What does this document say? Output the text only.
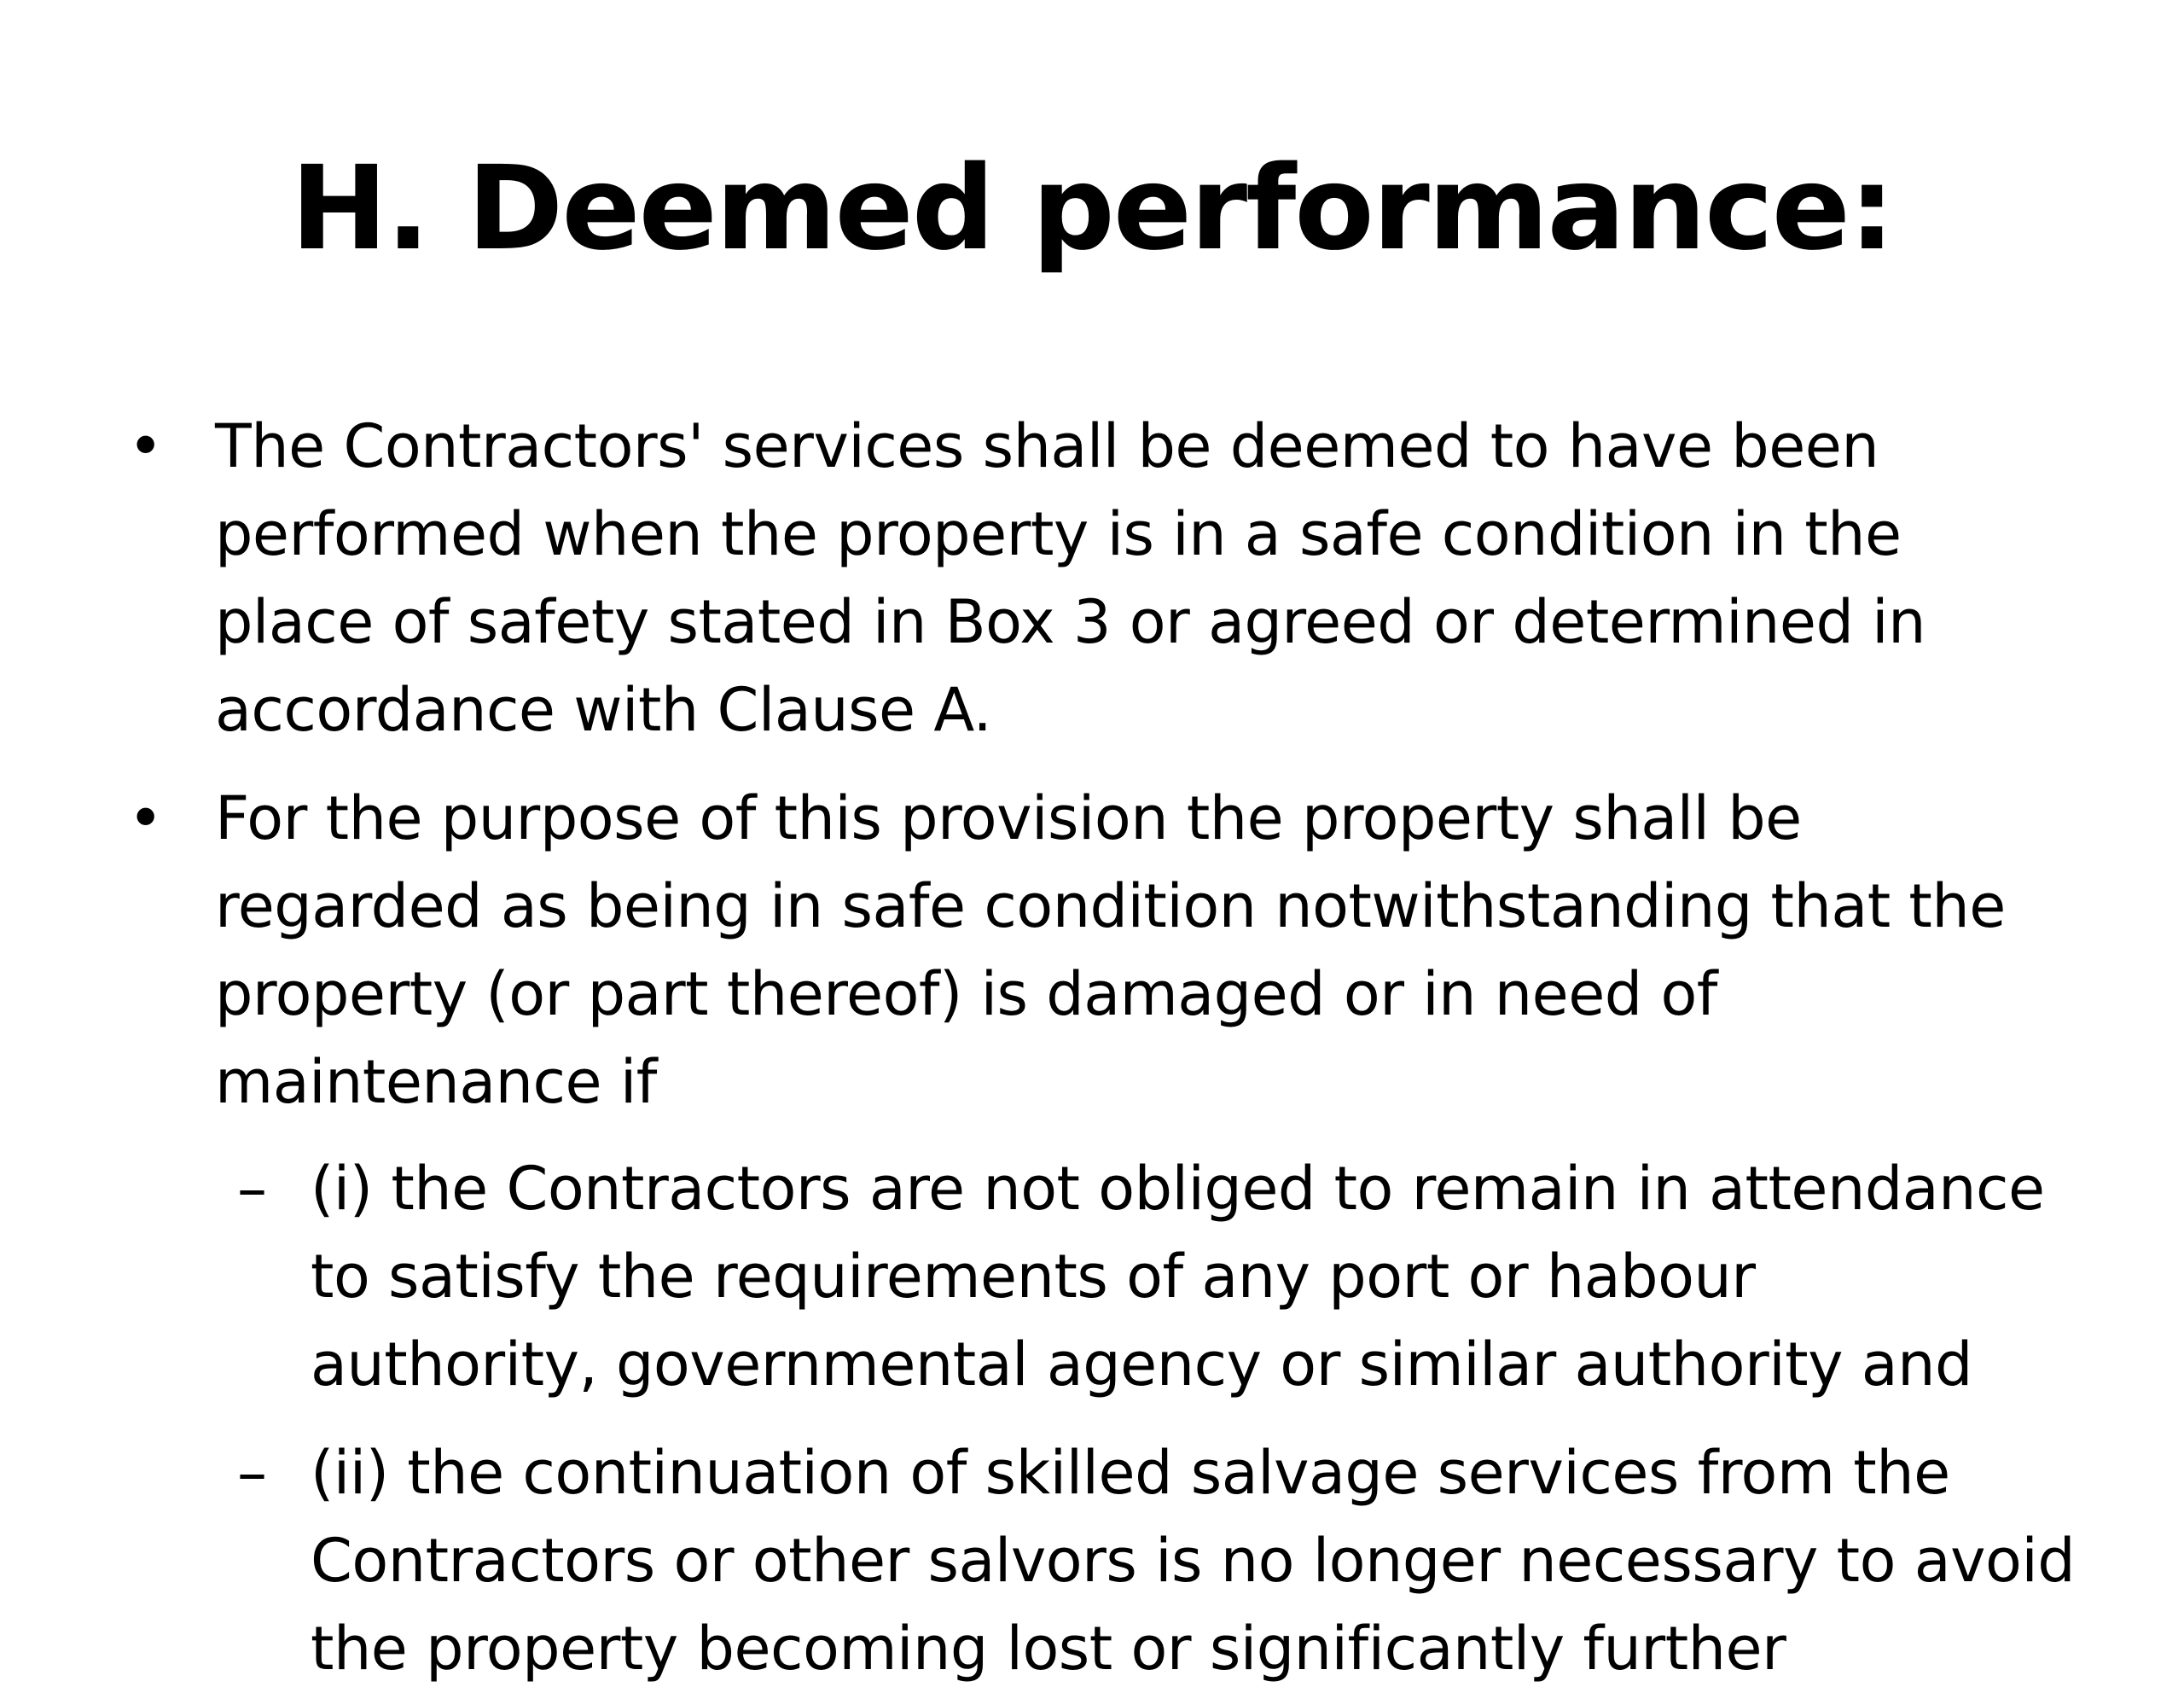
H. Deemed performance:
• The Contractors' services shall be deemed to have been
performed when the property is in a safe condition in the
place of safety stated in Box 3 or agreed or determined in
accordance with Clause A.
• For the purpose of this provision the property shall be
regarded as being in safe condition notwithstanding that the
property (or part thereof) is damaged or in need of
maintenance if
– (i) the Contractors are not obliged to remain in attendance
to satisfy the requirements of any port or habour
authority, governmental agency or similar authority and
– (ii) the continuation of skilled salvage services from the
Contractors or other salvors is no longer necessary to avoid
the property becoming lost or significantly further
